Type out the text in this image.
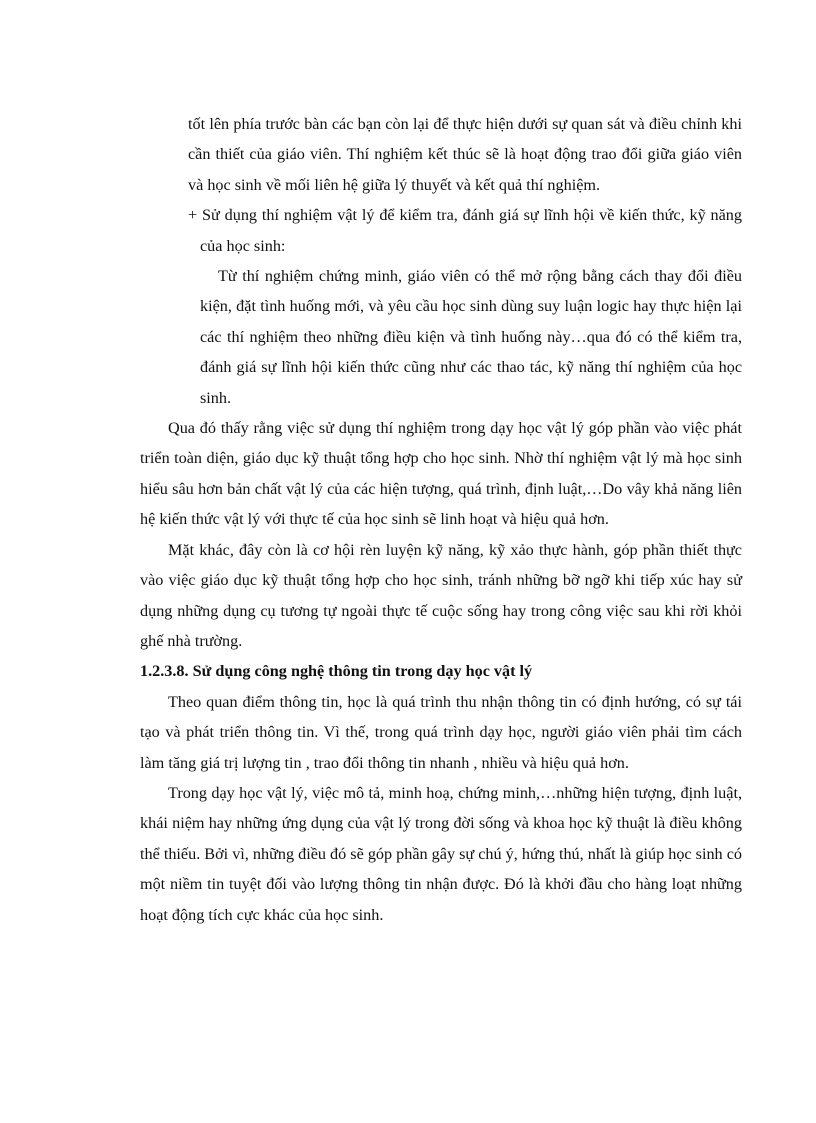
tốt lên phía trước bàn các bạn còn lại để thực hiện dưới sự quan sát và điều chỉnh khi cần thiết của giáo viên. Thí nghiệm kết thúc sẽ là hoạt động trao đổi giữa giáo viên và học sinh về mối liên hệ giữa lý thuyết và kết quả thí nghiệm.

+ Sử dụng thí nghiệm vật lý để kiểm tra, đánh giá sự lĩnh hội về kiến thức, kỹ năng của học sinh:

Từ thí nghiệm chứng minh, giáo viên có thể mở rộng bằng cách thay đổi điều kiện, đặt tình huống mới, và yêu cầu học sinh dùng suy luận logic hay thực hiện lại các thí nghiệm theo những điều kiện và tình huống này…qua đó có thể kiểm tra, đánh giá sự lĩnh hội kiến thức cũng như các thao tác, kỹ năng thí nghiệm của học sinh.

Qua đó thấy rằng việc sử dụng thí nghiệm trong dạy học vật lý góp phần vào việc phát triển toàn diện, giáo dục kỹ thuật tổng hợp cho học sinh. Nhờ thí nghiệm vật lý mà học sinh hiểu sâu hơn bản chất vật lý của các hiện tượng, quá trình, định luật,…Do vây khả năng liên hệ kiến thức vật lý với thực tế của học sinh sẽ linh hoạt và hiệu quả hơn.

Mặt khác, đây còn là cơ hội rèn luyện kỹ năng, kỹ xảo thực hành, góp phần thiết thực vào việc giáo dục kỹ thuật tổng hợp cho học sinh, tránh những bỡ ngỡ khi tiếp xúc hay sử dụng những dụng cụ tương tự ngoài thực tế cuộc sống hay trong công việc sau khi rời khỏi ghế nhà trường.

1.2.3.8. Sử dụng công nghệ thông tin trong dạy học vật lý

Theo quan điểm thông tin, học là quá trình thu nhận thông tin có định hướng, có sự tái tạo và phát triển thông tin. Vì thế, trong quá trình dạy học, người giáo viên phải tìm cách làm tăng giá trị lượng tin , trao đổi thông tin nhanh , nhiều và hiệu quả hơn.

Trong dạy học vật lý, việc mô tả, minh hoạ, chứng minh,…những hiện tượng, định luật, khái niệm hay những ứng dụng của vật lý trong đời sống và khoa học kỹ thuật là điều không thể thiếu. Bởi vì, những điều đó sẽ góp phần gây sự chú ý, hứng thú, nhất là giúp học sinh có một niềm tin tuyệt đối vào lượng thông tin nhận được. Đó là khởi đầu cho hàng loạt những hoạt động tích cực khác của học sinh.
